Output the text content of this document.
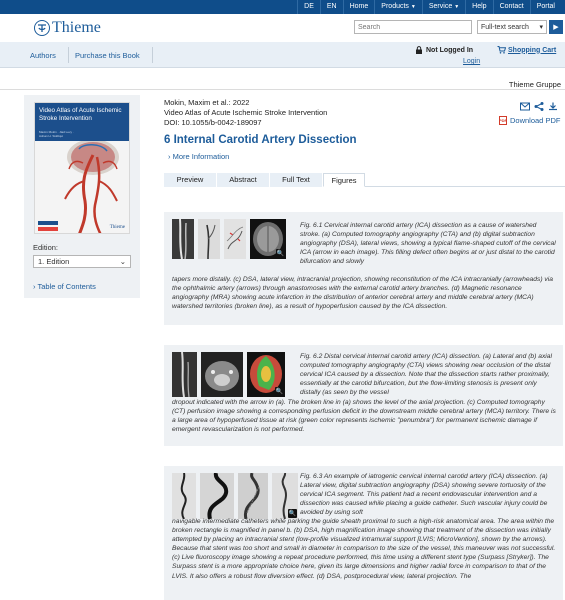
DE	EN	Home	Products ▼	Service ▼	Help	Contact	Portal
Thieme
Search	Full-text search ▾ ▶
Authors	Purchase this Book
Not Logged In
Login
Shopping Cart
Thieme Gruppe
Video Atlas of Acute Ischemic Stroke Intervention
Maxim Mokin · Jiad Levy · Adnan H. Siddiqui
Thieme
Edition:
1. Edition	⌄
› Table of Contents
Mokin, Maxim et al.: 2022
Video Atlas of Acute Ischemic Stroke Intervention
DOI: 10.1055/b-0042-189097	PDF Download PDF
6 Internal Carotid Artery Dissection
› More Information
Preview	Abstract	Full Text	Figures
🔍
Fig. 6.1 Cervical internal carotid artery (ICA) dissection as a cause of watershed stroke. (a) Computed tomography angiography (CTA) and (b) digital subtraction angiography (DSA), lateral views, showing a typical flame-shaped cutoff of the cervical ICA (arrow in each image). This filling defect often begins at or just distal to the carotid bifurcation and slowly
tapers more distally. (c) DSA, lateral view, intracranial projection, showing reconstitution of the ICA intracranially (arrowheads) via the ophthalmic artery (arrows) through anastomoses with the external carotid artery branches. (d) Magnetic resonance angiography (MRA) showing acute infarction in the distribution of anterior cerebral artery and middle cerebral artery (MCA) watershed territories (broken line), as a result of hypoperfusion caused by the ICA dissection.
🔍
Fig. 6.2 Distal cervical internal carotid artery (ICA) dissection. (a) Lateral and (b) axial computed tomography angiography (CTA) views showing near occlusion of the distal cervical ICA caused by a dissection. Note that the dissection starts rather proximally, essentially at the carotid bifurcation, but the flow-limiting stenosis is present only distally (as seen by the vessel
dropout indicated with the arrow in (a). The broken line in (a) shows the level of the axial projection. (c) Computed tomography (CT) perfusion image showing a corresponding perfusion deficit in the downstream middle cerebral artery (MCA) territory. There is a large area of hypoperfused tissue at risk (green color represents ischemic "penumbra") for permanent ischemic damage if emergent revascularization is not performed.
🔍
Fig. 6.3 An example of iatrogenic cervical internal carotid artery (ICA) dissection. (a) Lateral view, digital subtraction angiography (DSA) showing severe tortuosity of the cervical ICA segment. This patient had a recent endovascular intervention and a dissection was caused while placing a guide catheter. Such vascular injury could be avoided by using soft
navigable intermediate catheters while parking the guide sheath proximal to such a high-risk anatomical area. The area within the broken rectangle is magnified in panel b. (b) DSA, high magnification image showing that treatment of the dissection was initially attempted by placing an intracranial stent (low-profile visualized intramural support [LVIS; MicroVention], shown by the arrows). Because that stent was too short and small in diameter in comparison to the size of the vessel, this maneuver was not successful. (c) Live fluoroscopy image showing a repeat procedure performed, this time using a different stent type (Surpass [Stryker]). The Surpass stent is a more appropriate choice here, given its large dimensions and higher radial force in comparison to that of the LVIS. It also offers a robust flow diversion effect. (d) DSA, postprocedural view, lateral projection. The
